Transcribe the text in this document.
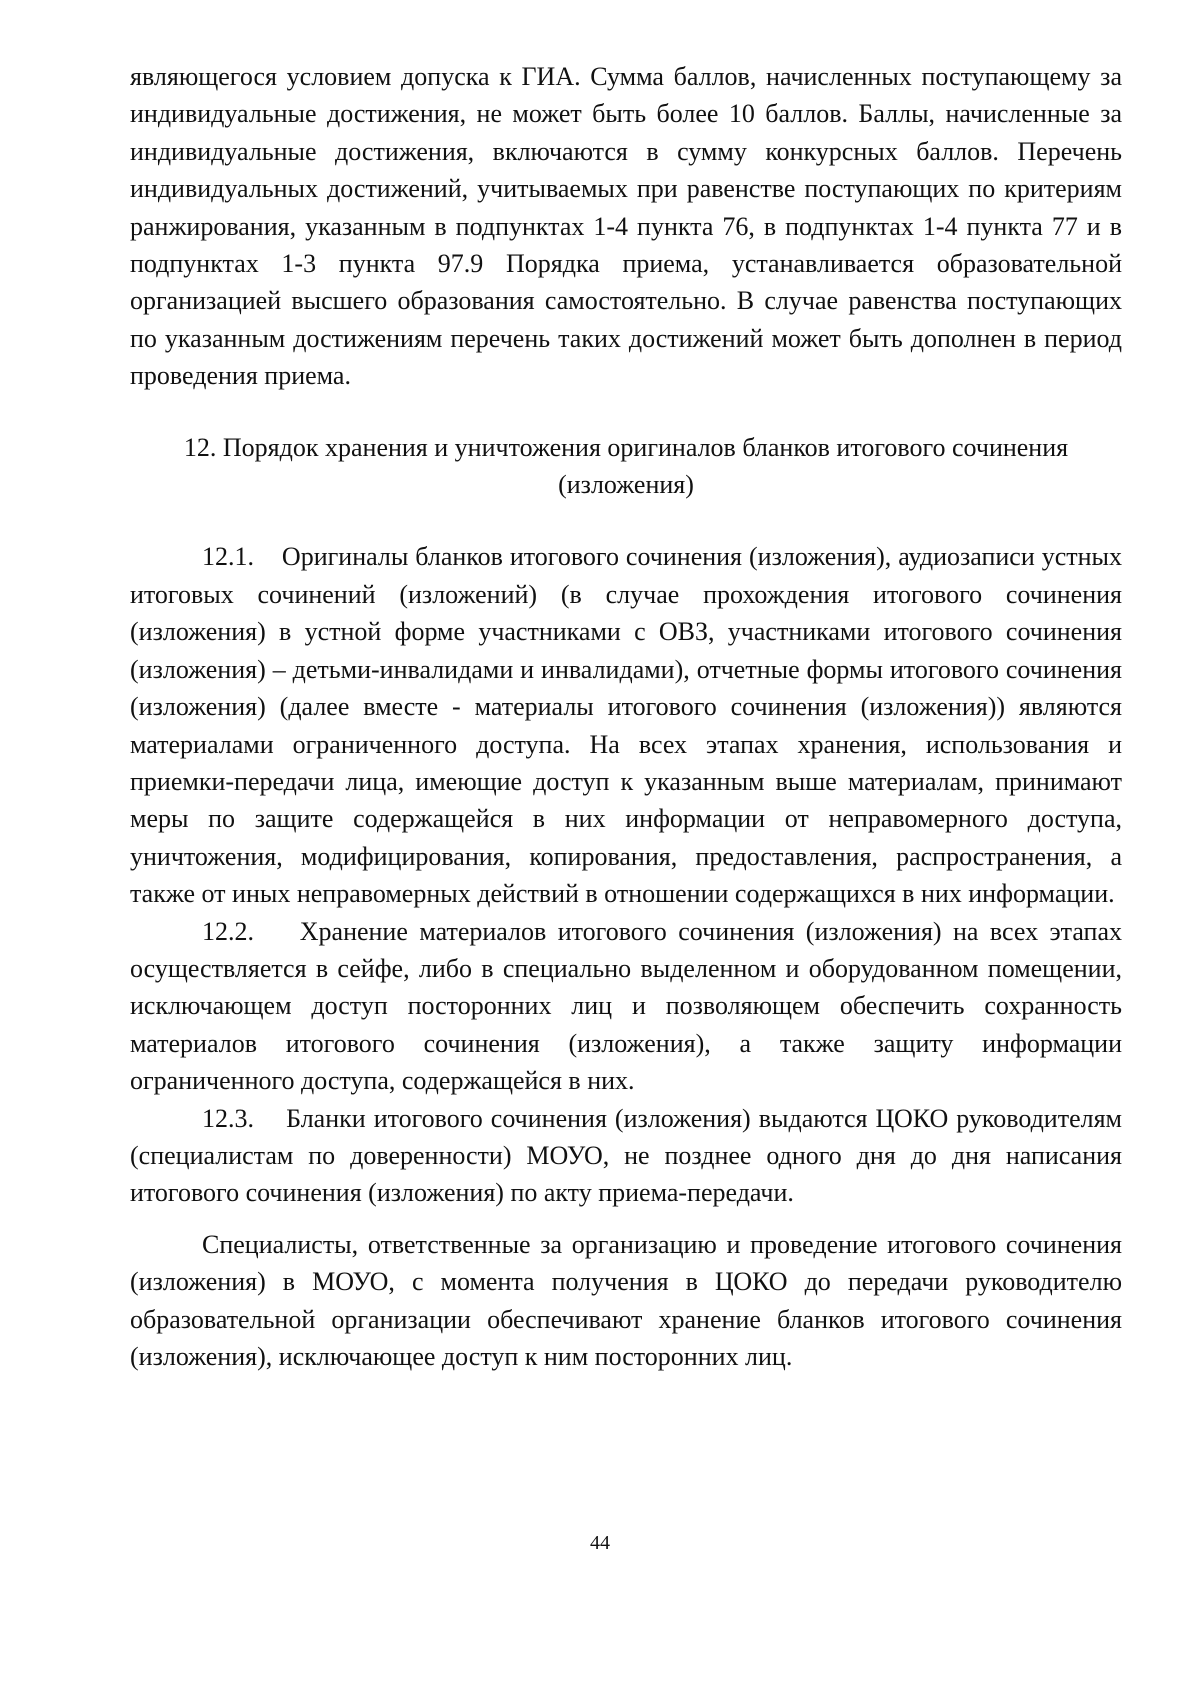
являющегося условием допуска к ГИА. Сумма баллов, начисленных поступающему за индивидуальные достижения, не может быть более 10 баллов. Баллы, начисленные за индивидуальные достижения, включаются в сумму конкурсных баллов. Перечень индивидуальных достижений, учитываемых при равенстве поступающих по критериям ранжирования, указанным в подпунктах 1-4 пункта 76, в подпунктах 1-4 пункта 77 и в подпунктах 1-3 пункта 97.9 Порядка приема, устанавливается образовательной организацией высшего образования самостоятельно. В случае равенства поступающих по указанным достижениям перечень таких достижений может быть дополнен в период проведения приема.

12. Порядок хранения и уничтожения оригиналов бланков итогового сочинения (изложения)

12.1. Оригиналы бланков итогового сочинения (изложения), аудиозаписи устных итоговых сочинений (изложений) (в случае прохождения итогового сочинения (изложения) в устной форме участниками с ОВЗ, участниками итогового сочинения (изложения) – детьми-инвалидами и инвалидами), отчетные формы итогового сочинения (изложения) (далее вместе - материалы итогового сочинения (изложения)) являются материалами ограниченного доступа. На всех этапах хранения, использования и приемки-передачи лица, имеющие доступ к указанным выше материалам, принимают меры по защите содержащейся в них информации от неправомерного доступа, уничтожения, модифицирования, копирования, предоставления, распространения, а также от иных неправомерных действий в отношении содержащихся в них информации.

12.2. Хранение материалов итогового сочинения (изложения) на всех этапах осуществляется в сейфе, либо в специально выделенном и оборудованном помещении, исключающем доступ посторонних лиц и позволяющем обеспечить сохранность материалов итогового сочинения (изложения), а также защиту информации ограниченного доступа, содержащейся в них.

12.3. Бланки итогового сочинения (изложения) выдаются ЦОКО руководителям (специалистам по доверенности) МОУО, не позднее одного дня до дня написания итогового сочинения (изложения) по акту приема-передачи.

Специалисты, ответственные за организацию и проведение итогового сочинения (изложения) в МОУО, с момента получения в ЦОКО до передачи руководителю образовательной организации обеспечивают хранение бланков итогового сочинения (изложения), исключающее доступ к ним посторонних лиц.

44
